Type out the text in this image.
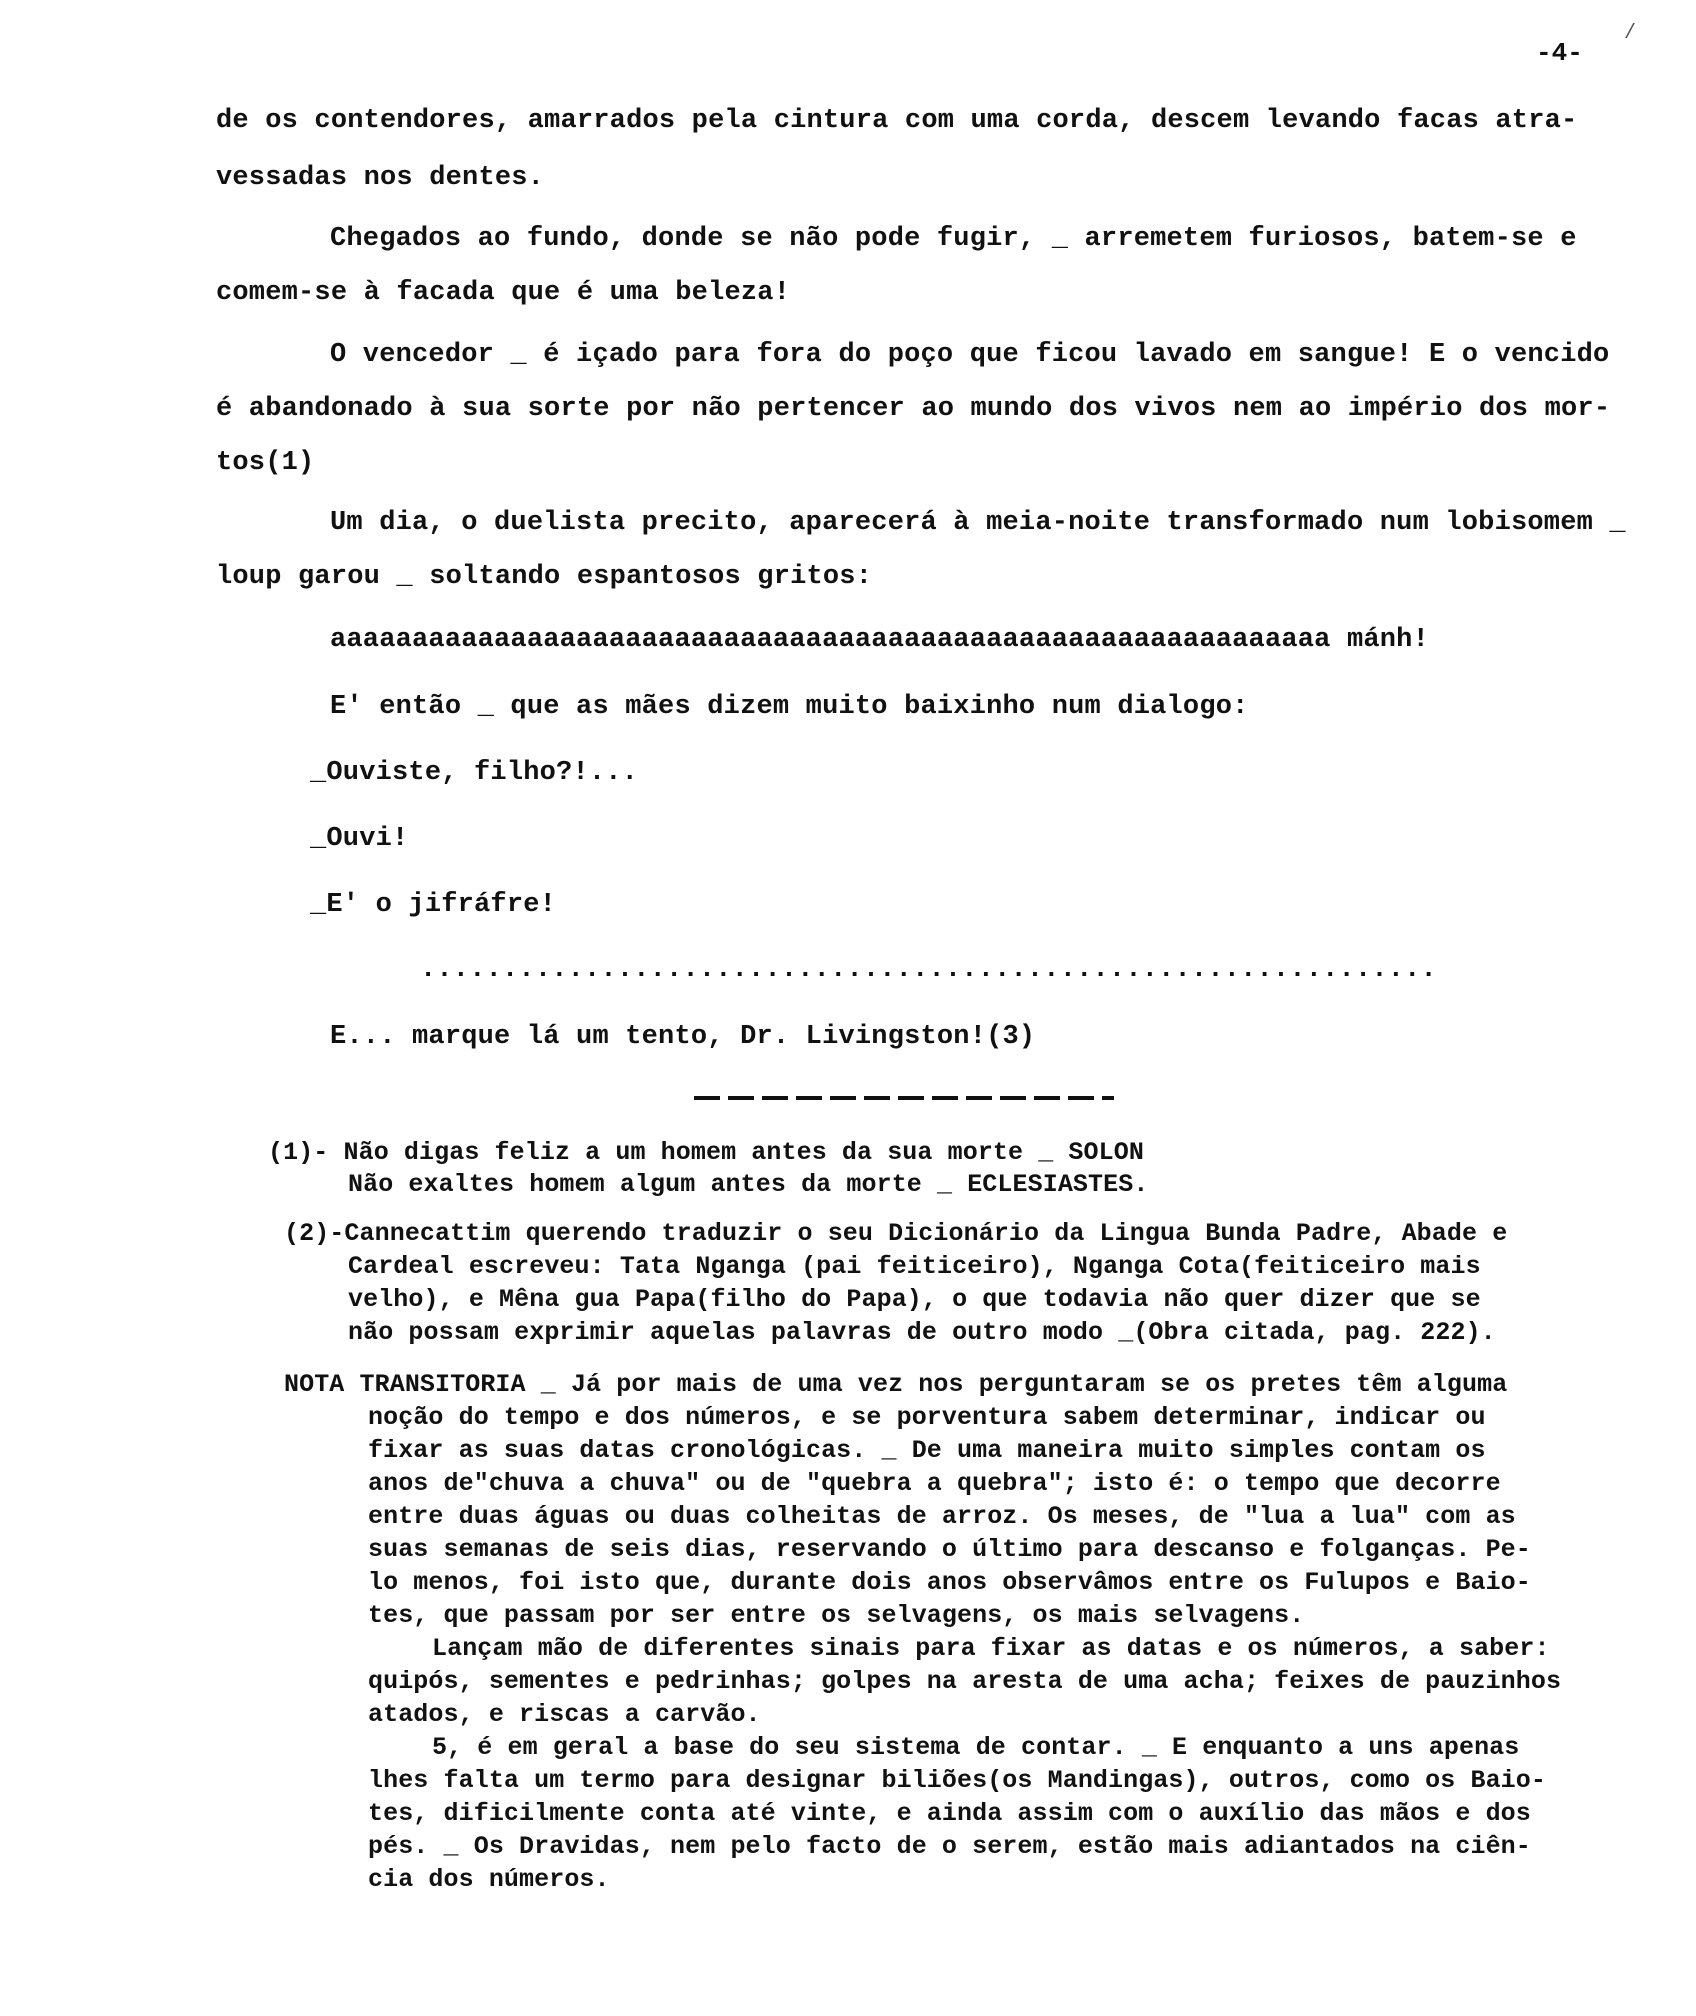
-4-
/
de os contendores, amarrados pela cintura com uma corda, descem levando facas atra-
vessadas nos dentes.
Chegados ao fundo, donde se não pode fugir, _ arremetem furiosos, batem-se e
comem-se à facada que é uma beleza!
O vencedor _ é içado para fora do poço que ficou lavado em sangue! E o vencido
é abandonado à sua sorte por não pertencer ao mundo dos vivos nem ao império dos mor-
tos(1)
Um dia, o duelista precito, aparecerá à meia-noite transformado num lobisomem _
loup garou _ soltando espantosos gritos:
aaaaaaaaaaaaaaaaaaaaaaaaaaaaaaaaaaaaaaaaaaaaaaaaaaaaaaaaaaaaa mánh!
E' então _ que as mães dizem muito baixinho num dialogo:
_Ouviste, filho?!...
_Ouvi!
_E' o jifráfre!
..............................................................
E... marque lá um tento, Dr. Livingston!(3)
(1)- Não digas feliz a um homem antes da sua morte _ SOLON
Não exaltes homem algum antes da morte _ ECLESIASTES.
(2)-Cannecattim querendo traduzir o seu Dicionário da Lingua Bunda Padre, Abade e
Cardeal escreveu: Tata Nganga (pai feiticeiro), Nganga Cota(feiticeiro mais
velho), e Mêna gua Papa(filho do Papa), o que todavia não quer dizer que se
não possam exprimir aquelas palavras de outro modo _(Obra citada, pag. 222).
NOTA TRANSITORIA _ Já por mais de uma vez nos perguntaram se os pretes têm alguma
noção do tempo e dos números, e se porventura sabem determinar, indicar ou
fixar as suas datas cronológicas. _ De uma maneira muito simples contam os
anos de"chuva a chuva" ou de "quebra a quebra"; isto é: o tempo que decorre
entre duas águas ou duas colheitas de arroz. Os meses, de "lua a lua" com as
suas semanas de seis dias, reservando o último para descanso e folganças. Pe-
lo menos, foi isto que, durante dois anos observâmos entre os Fulupos e Baio-
tes, que passam por ser entre os selvagens, os mais selvagens.
Lançam mão de diferentes sinais para fixar as datas e os números, a saber:
quipós, sementes e pedrinhas; golpes na aresta de uma acha; feixes de pauzinhos
atados, e riscas a carvão.
5, é em geral a base do seu sistema de contar. _ E enquanto a uns apenas
lhes falta um termo para designar biliões(os Mandingas), outros, como os Baio-
tes, dificilmente conta até vinte, e ainda assim com o auxílio das mãos e dos
pés. _ Os Dravidas, nem pelo facto de o serem, estão mais adiantados na ciên-
cia dos números.
